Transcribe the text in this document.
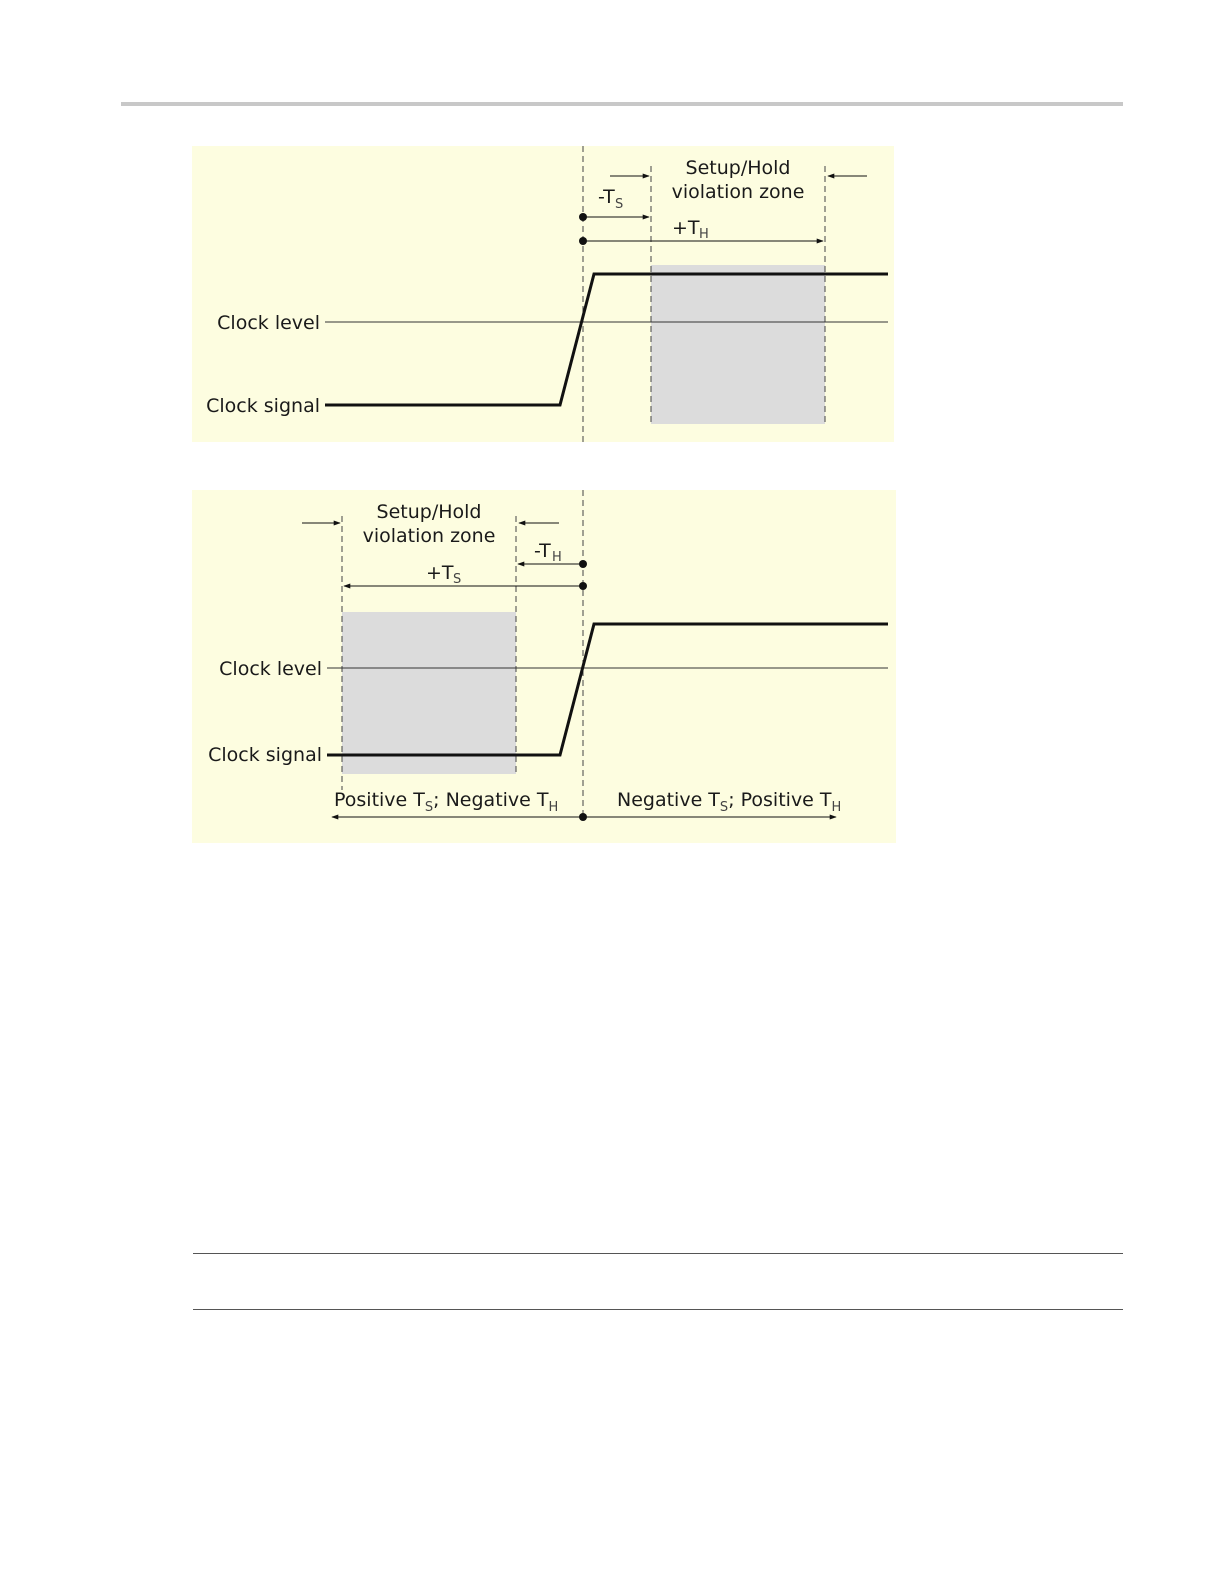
Setup/Hold
violation zone
-T S
+T H
Clock level
Clock signal
Setup/Hold
violation zone
-T H
+T S
Clock level
Clock signal
Positive $T_S$; Negative $T_H$	Negative $T_S$; Positive $T_H$
